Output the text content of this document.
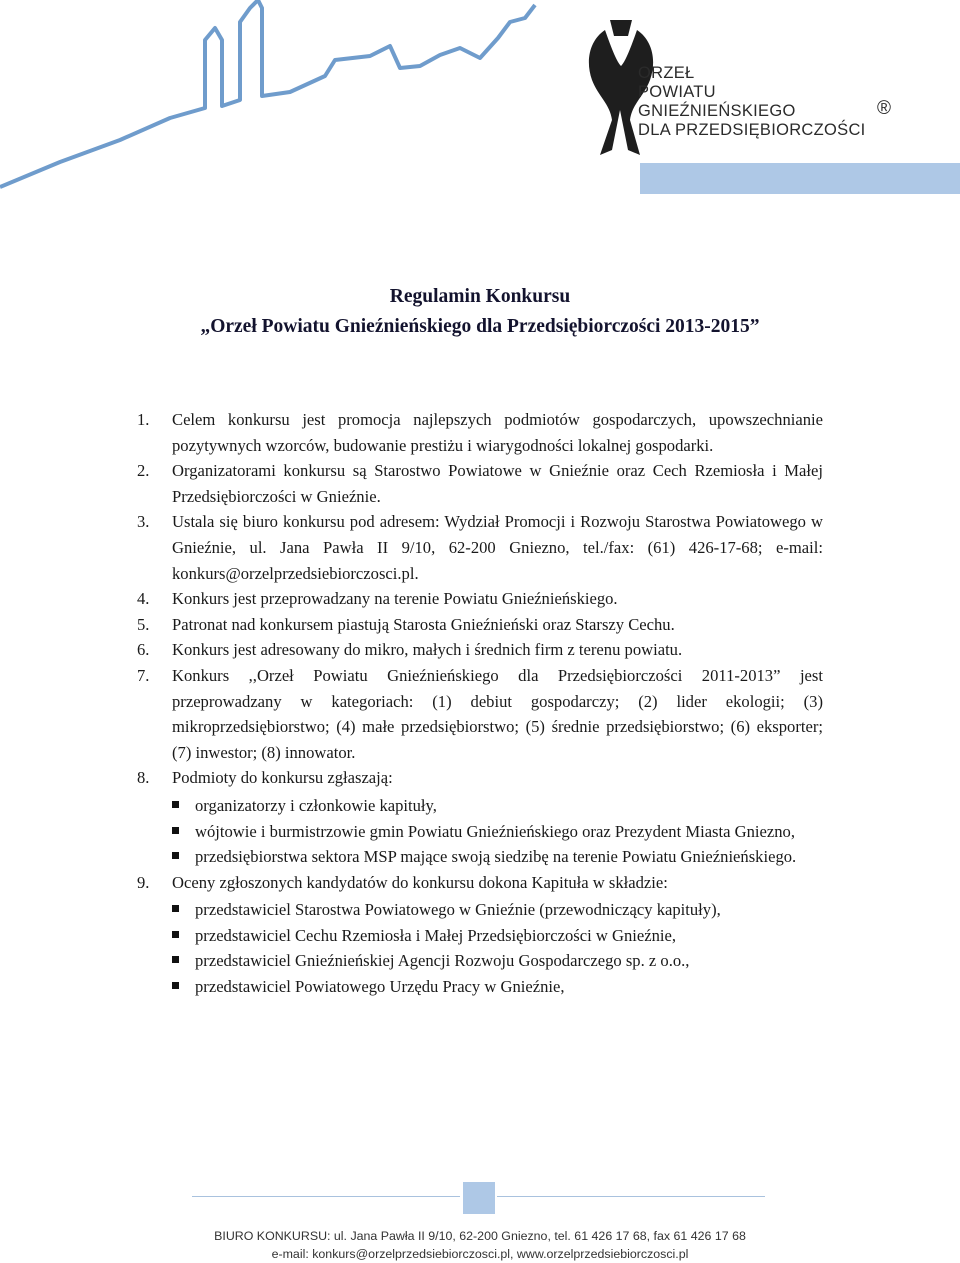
ORZEŁ
POWIATU
GNIEŹNIEŃSKIEGO
DLA PRZEDSIĘBIORCZOŚCI
®
Regulamin Konkursu
„Orzeł Powiatu Gnieźnieńskiego dla Przedsiębiorczości 2013-2015”
1.	Celem konkursu jest promocja najlepszych podmiotów gospodarczych, upowszechnianie pozytywnych wzorców, budowanie prestiżu i wiarygodności lokalnej gospodarki.
2.	Organizatorami konkursu są Starostwo Powiatowe w Gnieźnie oraz Cech Rzemiosła i Małej Przedsiębiorczości w Gnieźnie.
3.	Ustala się biuro konkursu pod adresem: Wydział Promocji i Rozwoju Starostwa Powiatowego w Gnieźnie, ul. Jana Pawła II 9/10, 62-200 Gniezno, tel./fax: (61) 426-17-68; e-mail: konkurs@orzelprzedsiebiorczosci.pl.
4.	Konkurs jest przeprowadzany na terenie Powiatu Gnieźnieńskiego.
5.	Patronat nad konkursem piastują Starosta Gnieźnieński oraz Starszy Cechu.
6.	Konkurs jest adresowany do mikro, małych i średnich firm z terenu powiatu.
7.	Konkurs ,,Orzeł Powiatu Gnieźnieńskiego dla Przedsiębiorczości 2011-2013” jest przeprowadzany w kategoriach: (1) debiut gospodarczy; (2) lider ekologii; (3) mikroprzedsiębiorstwo; (4) małe przedsiębiorstwo; (5) średnie przedsiębiorstwo; (6) eksporter; (7) inwestor; (8) innowator.
8.	Podmioty do konkursu zgłaszają:
organizatorzy i członkowie kapituły,
wójtowie i burmistrzowie gmin Powiatu Gnieźnieńskiego oraz Prezydent Miasta Gniezno,
przedsiębiorstwa sektora MSP mające swoją siedzibę na terenie Powiatu Gnieźnieńskiego.
9.	Oceny zgłoszonych kandydatów do konkursu dokona Kapituła w składzie:
przedstawiciel Starostwa Powiatowego w Gnieźnie (przewodniczący kapituły),
przedstawiciel Cechu Rzemiosła i Małej Przedsiębiorczości w Gnieźnie,
przedstawiciel Gnieźnieńskiej Agencji Rozwoju Gospodarczego sp. z o.o.,
przedstawiciel Powiatowego Urzędu Pracy w Gnieźnie,
BIURO KONKURSU: ul. Jana Pawła II 9/10, 62-200 Gniezno, tel. 61 426 17 68, fax 61 426 17 68
e-mail: konkurs@orzelprzedsiebiorczosci.pl, www.orzelprzedsiebiorczosci.pl
